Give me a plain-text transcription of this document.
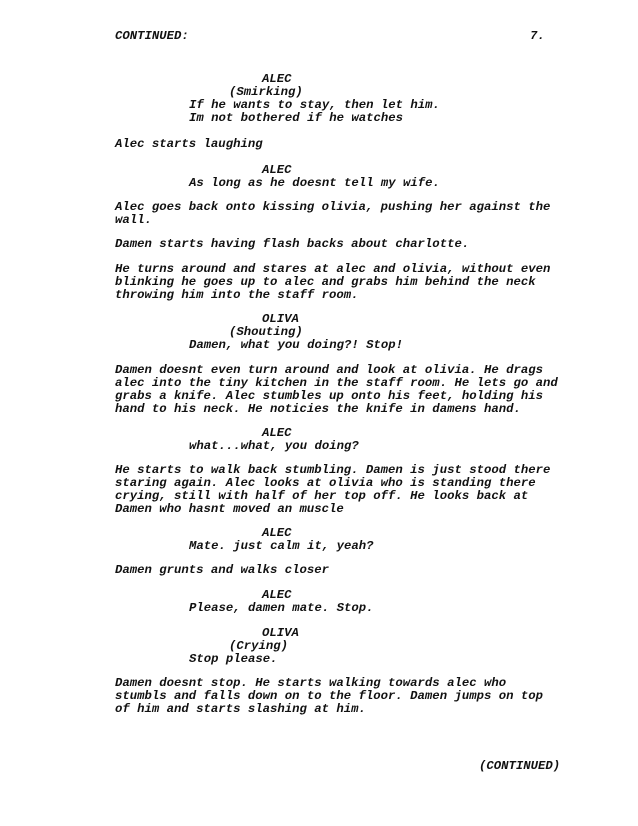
CONTINUED:	7.
ALEC
(Smirking)
If he wants to stay, then let him.
Im not bothered if he watches
Alec starts laughing
ALEC
As long as he doesnt tell my wife.
Alec goes back onto kissing olivia, pushing her against the
wall.
Damen starts having flash backs about charlotte.
He turns around and stares at alec and olivia, without even
blinking he goes up to alec and grabs him behind the neck
throwing him into the staff room.
OLIVA
(Shouting)
Damen, what you doing?! Stop!
Damen doesnt even turn around and look at olivia. He drags
alec into the tiny kitchen in the staff room. He lets go and
grabs a knife. Alec stumbles up onto his feet, holding his
hand to his neck. He noticies the knife in damens hand.
ALEC
what...what, you doing?
He starts to walk back stumbling. Damen is just stood there
staring again. Alec looks at olivia who is standing there
crying, still with half of her top off. He looks back at
Damen who hasnt moved an muscle
ALEC
Mate. just calm it, yeah?
Damen grunts and walks closer
ALEC
Please, damen mate. Stop.
OLIVA
(Crying)
Stop please.
Damen doesnt stop. He starts walking towards alec who
stumbls and falls down on to the floor. Damen jumps on top
of him and starts slashing at him.
(CONTINUED)
